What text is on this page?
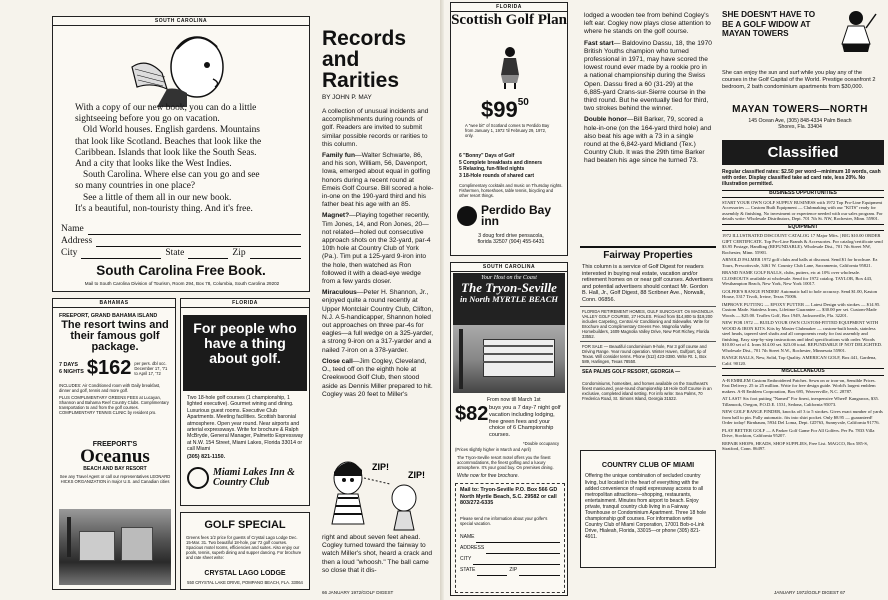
SOUTH CAROLINA
With a copy of our new book, you can do a little
sightseeing before you go on vacation.
Old World houses. English gardens. Mountains
that look like Scotland. Beaches that look like the
Caribbean. Islands that look like the South Seas.
And a city that looks like the West Indies.
South Carolina. Where else can you go and see
so many countries in one place?
See a little of them all in our new book.
It's a beautiful, non-touristy thing. And it's free.
Name
Address
City	State	Zip
South Carolina Free Book.
Mail to South Carolina Division of Tourism, Room 294, Box 78, Columbia, South Carolina 29202
BAHAMAS
FREEPORT, GRAND BAHAMA ISLAND
The resort twins and their famous golf package.
7 DAYS
6 NIGHTS $162 per pers. dbl occ. December 17, '71 to April 17, '72
INCLUDES: Air Conditioned room with Daily breakfast, dinner and golf, tennis and more golf.
PLUS COMPLIMENTARY GREENS FEES at Lucayan, Shannon and Bahama Reef Country Clubs. Complimentary transportation to and from the golf courses. COMPLIMENTARY TENNIS CLINIC by resident pro.
FREEPORT'S
Oceanus
BEACH AND BAY RESORT
See any Travel Agent or call our representatives LEONARD HICKS ORGANIZATION in major U.S. and Canadian cities
FLORIDA
For people who have a thing about golf.
Two 18-hole golf courses (1 championship, 1 lighted executive). Gourmet wining and dining. Luxurious guest rooms. Executive Club Apartments. Meeting facilities. Scottish baronial atmosphere. Open year round. Near airports and arterial expressways. Write for brochure & Ralph McBryde, General Manager, Palmetto Expressway at N.W. 154 Street, Miami Lakes, Florida 33014 or call Miami
(305) 821-1150.
Miami Lakes Inn & Country Club
GOLF SPECIAL
Greens fees 1/2 price for guests of Crystal Lago Lodge Dec. 15-Mar. 31. Two beautiful 18-hole, par 72 golf courses. Spacious motel rooms, efficiencies and suites. Also enjoy our pools, tennis, superb dining and supper dancing. For brochure and rate sheet write:
CRYSTAL LAGO LODGE
550 CRYSTAL LAKE DRIVE, POMPANO BEACH, FLA. 33064
Records
and
Rarities
BY JOHN P. MAY

A collection of unusual incidents and accomplishments during rounds of golf. Readers are invited to submit similar possible records or rarities to this column.

Family fun—Walter Schwarte, 86, and his son, William, 56, Davenport, Iowa, emerged about equal in golfing honors during a recent round at Emeis Golf Course. Bill scored a hole-in-one on the 190-yard third and his father beat his age with an 85.

Magnet?—Playing together recently, Tim Jones, 14, and Ron Jones, 20—not related—holed out consecutive approach shots on the 32-yard, par-4 10th hole at Country Club of York (Pa.). Tim put a 125-yard 9-iron into the hole, then watched as Ron followed it with a dead-eye wedge from a few yards closer.

Miraculous—Peter H. Shannon, Jr., enjoyed quite a round recently at Upper Montclair Country Club, Clifton, N.J. A 5-handicapper, Shannon holed out approaches on three par-4s for eagles—a full wedge on a 325-yarder, a strong 9-iron on a 317-yarder and a nailed 7-iron on a 378-yarder.

Close call—Jim Cogley, Cleveland, O., teed off on the eighth hole at Creekwood Golf Club, then stood aside as Dennis Miller prepared to hit. Cogley was 20 feet to Miller's

ZIP!
ZIP!

right and about seven feet ahead. Cogley turned toward the fairway to watch Miller's shot, heard a crack and then a loud "whoosh." The ball came so close that it dis-

66 JANUARY 1972/GOLF DIGEST
FLORIDA
Scottish Golf Plan
$99 50
A "wee bit" of Scotland comes to Perdido Bay from January 1, 1972 'til February 29, 1972, only.
6 "Bonny" Days of Golf
5 Complete breakfasts and dinners
5 Relaxing, fun-filled nights
3 18-Hole rounds of shared cart
Complimentary cocktails and music on Thursday nights. Fishermen, horseshoes, table tennis, bicycling and other resort things.
Perdido Bay inn
3 doug ford drive pensacola, florida 32507 (904) 455-6431
SOUTH CAROLINA
Your Host on the Coast
The Tryon-Seville
in North MYRTLE BEACH
From now till March 1st
$82 buys you a 7 day-7 night golf vacation including lodging, free green fees and your choice of 6 Championship courses.
*Double occupancy
(Prices slightly higher in March and April)
The Tryon-Seville resort motel offers you the finest accommodations, the finest golfing and a luxury atmosphere. It's your good buy. On premises dining.
Write now for free brochure.
Mail to: Tryon-Seville P.O. Box 566 GD North Myrtle Beach, S.C. 29582 or call 803/272-6335
Please send me information about your golfer's special vacation.
NAME
ADDRESS
CITY
STATE	ZIP

lodged a wooden tee from behind Cogley's left ear. Cogley now plays close attention to where he stands on the golf course.

Fast start— Baldovino Dassu, 18, the 1970 British Youths champion who turned professional in 1971, may have scored the lowest round ever made by a rookie pro in a national championship during the Swiss Open. Dassu fired a 60 (31-29) at the 6,885-yard Crans-sur-Sierre course in the third round. But he eventually tied for third, two strokes behind the winner.

Double honor—Bill Barker, 79, scored a hole-in-one (on the 164-yard third hole) and also beat his age with a 73 in a single round at the 6,842-yard Midland (Tex.) Country Club. It was the 29th time Barker had beaten his age since he turned 73.

Fairway Properties
This column is a service of Golf Digest for readers interested in buying real estate, vacation and/or retirement homes on or near golf courses. Advertisers and potential advertisers should contact Mr. Gordon B. Hall, Jr., Golf Digest, 88 Scribner Ave., Norwalk, Conn. 06856.
FLORIDA RETIREMENT HOMES, GULF SUNCOAST. On MAGNOLIA VALLEY GOLF COURSE, 27 HOLES. Priced from $14,800 to $19,200 includes Carpeting, Central Air Conditioning and Sidewalks. Write for Brochure and Complimentary Greens Fee. Magnolia Valley Homebuilders, 1609 Magnolia Valley Drive, New Port Richey, Florida 33552.
FOR SALE — Beautiful condominium 9-hole, Par 3 golf course and Driving Range. Year round operation. Winter Haven, Gulfport, tip of Texas. Will consider terms. Phone (512) 423-3380. Write Rt. 1, Box 589, Harlingen, Texas 78550.
SEA PALMS GOLF RESORT, GEORGIA —
Condominiums, homesites, and homes available on the Southeast's finest manicured, year-round championship 18 Hole Golf Course in an exclusive, completed island setting. For info write: Sea Palms, 70 Frederica Road, St. Simons Island, Georgia 31522.
COUNTRY CLUB OF MIAMI
Offering the unique combination of secluded country living, but located in the heart of everything with the added convenience of rapid expressway access to all metropolitan attractions—shopping, restaurants, entertainment. Minutes from airport to beach. Enjoy private, tranquil country club living in a Fairway Townhouse or Condominium Apartment. Three 18 hole championship golf courses. For information write Country Club of Miami Corporation, 17001 Bob-o-Link Drive, Hialeah, Florida, 33015—or phone (305) 821-4911.
SHE DOESN'T HAVE TO BE A GOLF WIDOW AT MAYAN TOWERS
She can enjoy the sun and surf while you play any of the courses in the Golf Capital of the World. Prestige oceanfront 2 bedroom, 2 bath condominium apartments from $30,000.
MAYAN TOWERS—NORTH
145 Ocean Ave, (305) 848-4334 Palm Beach Shores, Fla. 33404
Classified
Regular classified rates: $2.50 per word—minimum 10 words, cash with order. Display classified take ad card rate, less 20%. No illustration permitted.
BUSINESS OPPORTUNITIES

START YOUR OWN GOLF SUPPLY BUSINESS with 1972 Top Pro-Line Equipment Accessories — Custom Built Equipment — Clubmaking with our "KITS" ready for assembly & finishing. No investment or experience needed with our sales program. For details write: Wholesale Distributors, Dept. 701 7th St. NW, Rochester, Minn. 55901.

EQUIPMENT

1972 ILLUSTRATED DISCOUNT CATALOG 17 Major Mfrs. | BIG $10.00 ORDER GIFT CERTIFICATE. Top Pro-Line Brands & Accessories. For catalog/certificate send $3.95 Postage, Handling (REFUNDABLE). Wholesale Dist., 701 7th Street NW, Rochester, Minn. 55901.

ARNOLD PALMER 1972 golf clubs and balls at discount. Send $1 for brochure. Ez Tours, Prescottsvale, 3461 W. Country Club Lane, Sacramento, California 95821.

BRAND NAME GOLF BALLS, clubs, putters, etc at 10% over wholesale. CLOSEOUTS available at wholesale. Send for 1972 catalog. TAYLOR, Box 443, Westhampton Beach, New York, New York 10017.

GOLFER'S RANGE FINDER! Automatic ball to hole accuracy. Send $1.00, Kaston House, 5317 Tivoli, Irvine, Texas 75006.

IMPROVE PUTTING — EPOXY PUTTER — Latest Design with strokes — $14.95. Custom Made. Stainless Irons, Lifetime Guarantee — $30.00 per set. Custom-Made Woods — $25.00. Truflex Golf, Box 1949, Jacksonville, Fla. 32201.

NEW FOR 1972 — BUILD YOUR OWN CUSTOM-FITTED EQUIPMENT WITH WOOD & IRON KITS. Kits by Master Clubmaker — custom-built heads, stainless steel heads, tapered steel shafts and all components ready for fast assembly and finishing. Easy step-by-step instructions and ideal specifications with order. Woods $10.00 set of 4. Irons $14.00 set. $23.00 total. REFUNDABLE IF NOT DELIGHTED. Wholesale Dist., 701 7th Street N.W., Rochester, Minnesota 55901.

RANGE BALLS, New, Solid, Top Quality. AMERICAN GOLF, Box 441, Gardena, Calif. 90120.

MISCELLANEOUS

A-B EMBLEM Custom Embroidered Patches. Sewn on or iron-on, Sensible Prices. Fast Delivery. 25 to 25 million. Write for free design guide. World's largest emblem makers. A-B Emblem Corporation, Box 695, Weaverville, N.C. 28787.

AT LAST! Six foot putting "Named" For finest, inexpensive Wheel! Kangaroos, $35. Tillamook, Oregon, P.O.D.E. 1531, Sedona, California 95073.

NEW GOLF RANGE FINDER, knocks off 3 to 5 strokes. Gives exact number of yards from ball to pin. Fully automatic. fits into shirt pocket. Only $8.95 — guaranteed! Order today! Birnbaum, 5934 Del Loma, Dept. GD763, Sunnyvale, California 91776.

PLAY BETTER GOLF — A Parker Golf Game For All Golfers. Per Pa. 7833 Villa Drive, Stockton, California 95207.

REPAIR SHOPS, HEADS, SHOP SUPPLIES, Free List. MAGCO, Box 585-S, Stratford, Conn. 06497.

JANUARY 1972/GOLF DIGEST 67
